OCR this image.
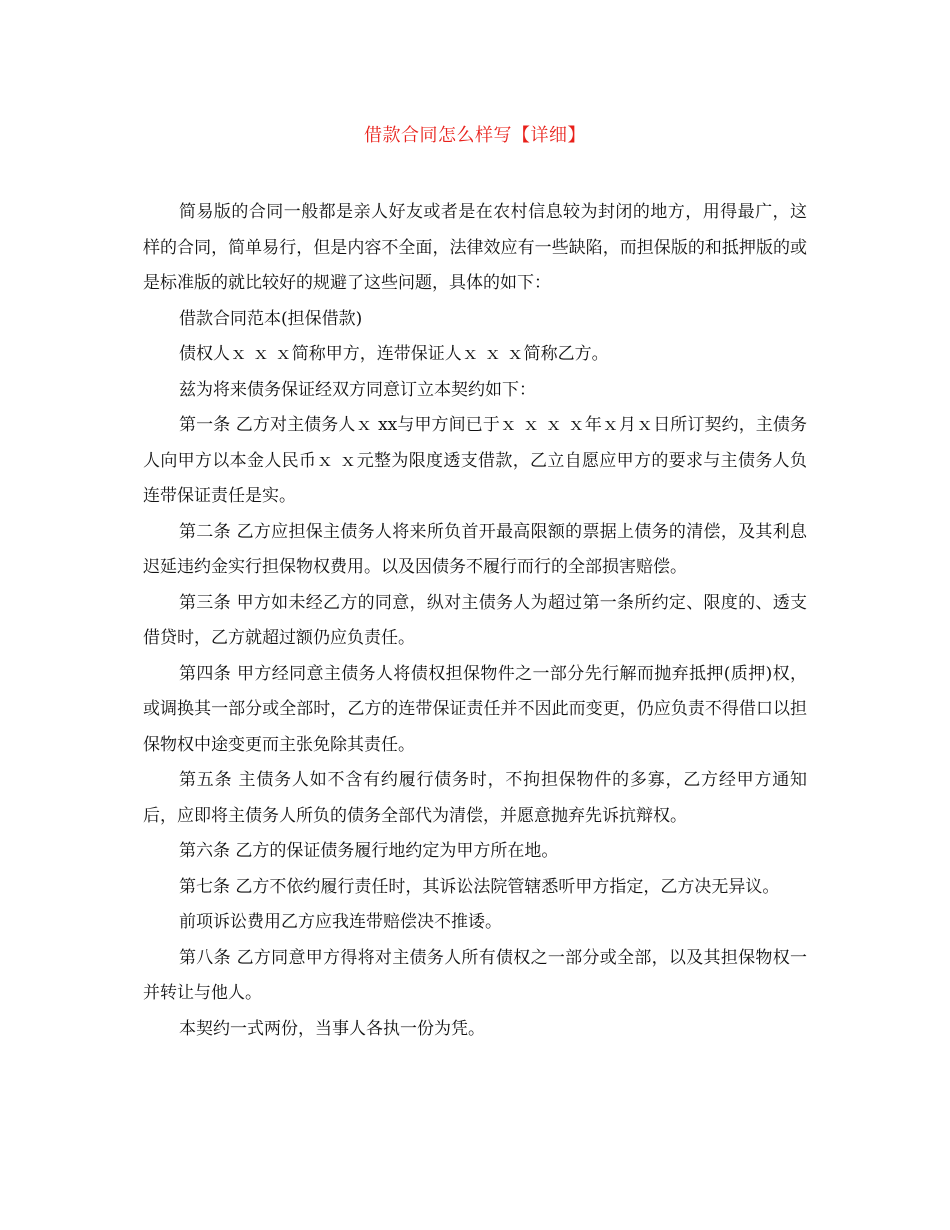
借款合同怎么样写【详细】

简易版的合同一般都是亲人好友或者是在农村信息较为封闭的地方，用得最广，这样的合同，简单易行，但是内容不全面，法律效应有一些缺陷，而担保版的和抵押版的或是标准版的就比较好的规避了这些问题，具体的如下：

借款合同范本(担保借款)

债权人ｘ ｘ ｘ简称甲方，连带保证人ｘ ｘ ｘ简称乙方。

兹为将来债务保证经双方同意订立本契约如下：

第一条 乙方对主债务人ｘ xx与甲方间已于ｘ ｘ ｘ ｘ年ｘ月ｘ日所订契约，主债务人向甲方以本金人民币ｘ ｘ元整为限度透支借款，乙立自愿应甲方的要求与主债务人负连带保证责任是实。

第二条 乙方应担保主债务人将来所负首开最高限额的票据上债务的清偿，及其利息迟延违约金实行担保物权费用。以及因债务不履行而行的全部损害赔偿。

第三条 甲方如未经乙方的同意，纵对主债务人为超过第一条所约定、限度的、透支借贷时，乙方就超过额仍应负责任。

第四条 甲方经同意主债务人将债权担保物件之一部分先行解而抛弃抵押(质押)权，或调换其一部分或全部时，乙方的连带保证责任并不因此而变更，仍应负责不得借口以担保物权中途变更而主张免除其责任。

第五条 主债务人如不含有约履行债务时，不拘担保物件的多寡，乙方经甲方通知后，应即将主债务人所负的债务全部代为清偿，并愿意抛弃先诉抗辩权。

第六条 乙方的保证债务履行地约定为甲方所在地。

第七条 乙方不依约履行责任时，其诉讼法院管辖悉听甲方指定，乙方决无异议。

前项诉讼费用乙方应我连带赔偿决不推诿。

第八条 乙方同意甲方得将对主债务人所有债权之一部分或全部，以及其担保物权一并转让与他人。

本契约一式两份，当事人各执一份为凭。
